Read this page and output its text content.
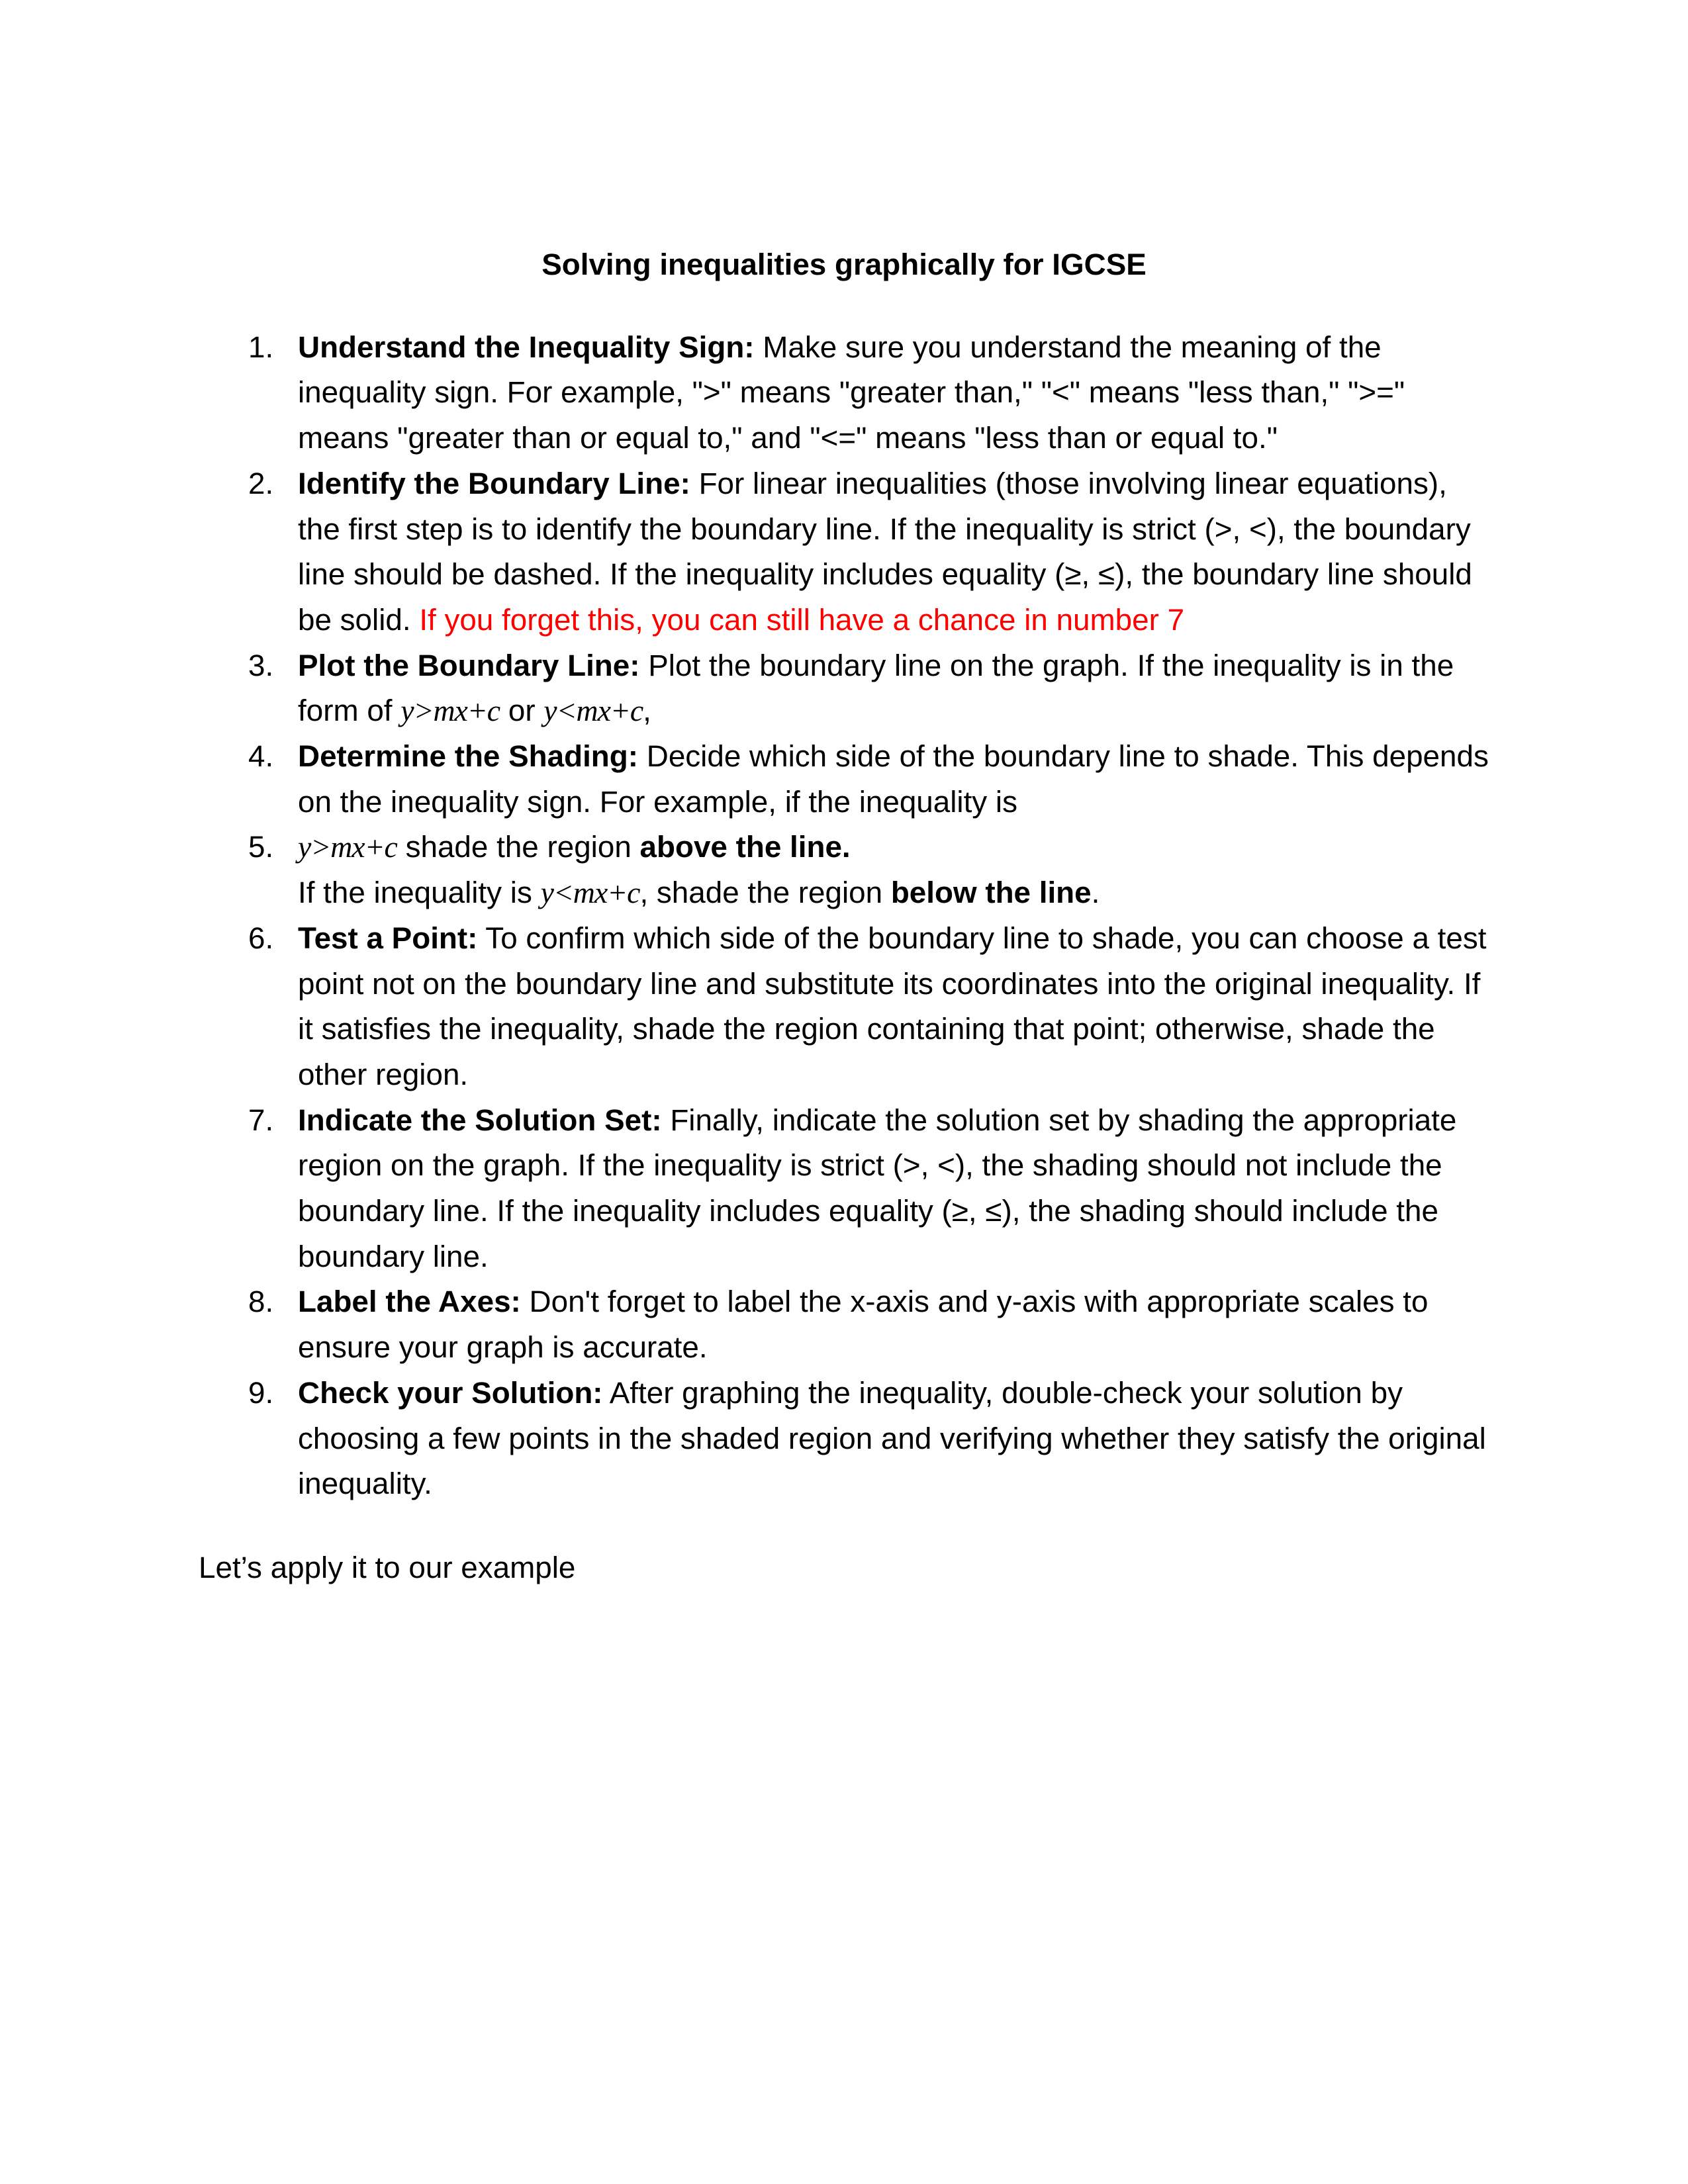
Solving inequalities graphically for IGCSE
1. Understand the Inequality Sign: Make sure you understand the meaning of the inequality sign. For example, ">" means "greater than," "<" means "less than," ">=" means "greater than or equal to," and "<=" means "less than or equal to."
2. Identify the Boundary Line: For linear inequalities (those involving linear equations), the first step is to identify the boundary line. If the inequality is strict (>, <), the boundary line should be dashed. If the inequality includes equality (≥, ≤), the boundary line should be solid. If you forget this, you can still have a chance in number 7
3. Plot the Boundary Line: Plot the boundary line on the graph. If the inequality is in the form of y>mx+c or y<mx+c,
4. Determine the Shading: Decide which side of the boundary line to shade. This depends on the inequality sign. For example, if the inequality is
5. y>mx+c shade the region above the line.
If the inequality is y<mx+c, shade the region below the line.
6. Test a Point: To confirm which side of the boundary line to shade, you can choose a test point not on the boundary line and substitute its coordinates into the original inequality. If it satisfies the inequality, shade the region containing that point; otherwise, shade the other region.
7. Indicate the Solution Set: Finally, indicate the solution set by shading the appropriate region on the graph. If the inequality is strict (>, <), the shading should not include the boundary line. If the inequality includes equality (≥, ≤), the shading should include the boundary line.
8. Label the Axes: Don't forget to label the x-axis and y-axis with appropriate scales to ensure your graph is accurate.
9. Check your Solution: After graphing the inequality, double-check your solution by choosing a few points in the shaded region and verifying whether they satisfy the original inequality.

Let’s apply it to our example
